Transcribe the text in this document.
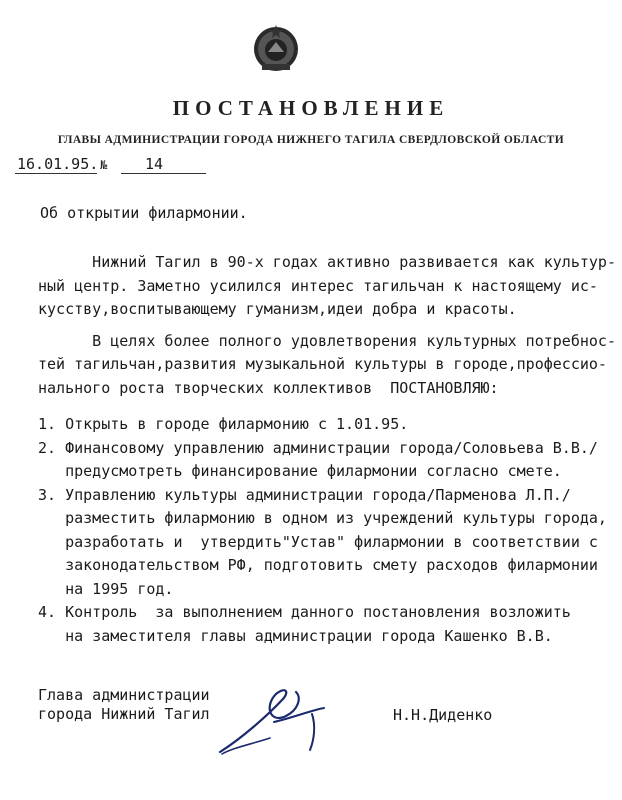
ПОСТАНОВЛЕНИЕ
ГЛАВЫ АДМИНИСТРАЦИИ ГОРОДА НИЖНЕГО ТАГИЛА СВЕРДЛОВСКОЙ ОБЛАСТИ
16.01.95. №	14
Об открытии филармонии.

Нижний Тагил в 90-х годах активно развивается как культур-

ный центр. Заметно усилился интерес тагильчан к настоящему ис-

кусству,воспитывающему гуманизм,идеи добра и красоты.

В целях более полного удовлетворения культурных потребнос-

тей тагильчан,развития музыкальной культуры в городе,профессио-

нального роста творческих коллективов  ПОСТАНОВЛЯЮ:

1. Открыть в городе филармонию с 1.01.95.

2. Финансовому управлению администрации города/Соловьева В.В./

предусмотреть финансирование филармонии согласно смете.

3. Управлению культуры администрации города/Парменова Л.П./

разместить филармонию в одном из учреждений культуры города,

разработать и  утвердить"Устав" филармонии в соответствии с

законодательством РФ, подготовить смету расходов филармонии

на 1995 год.

4. Контроль  за выполнением данного постановления возложить

на заместителя главы администрации города Кашенко В.В.

Глава администрации
города Нижний Тагил	Н.Н.Диденко
